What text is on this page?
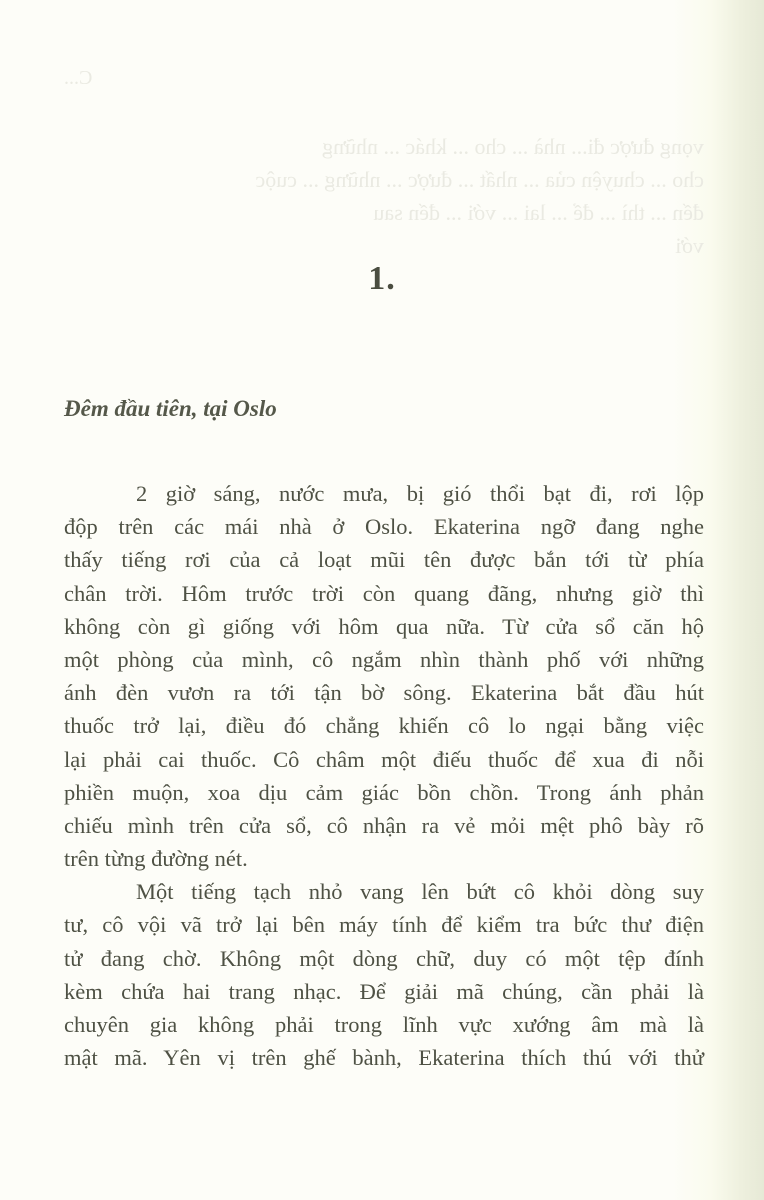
C...
vọng được đi... nhà ... cho ... khác ... những
cho ... chuyện của ... nhất ... được ... những ... cuộc
đến ... thì ... để ... lai ... với ... đến sau
với
1.
Đêm đầu tiên, tại Oslo
2 giờ sáng, nước mưa, bị gió thổi bạt đi, rơi lộp
độp trên các mái nhà ở Oslo. Ekaterina ngỡ đang nghe
thấy tiếng rơi của cả loạt mũi tên được bắn tới từ phía
chân trời. Hôm trước trời còn quang đãng, nhưng giờ thì
không còn gì giống với hôm qua nữa. Từ cửa sổ căn hộ
một phòng của mình, cô ngắm nhìn thành phố với những
ánh đèn vươn ra tới tận bờ sông. Ekaterina bắt đầu hút
thuốc trở lại, điều đó chẳng khiến cô lo ngại bằng việc
lại phải cai thuốc. Cô châm một điếu thuốc để xua đi nỗi
phiền muộn, xoa dịu cảm giác bồn chồn. Trong ánh phản
chiếu mình trên cửa sổ, cô nhận ra vẻ mỏi mệt phô bày rõ
trên từng đường nét.
Một tiếng tạch nhỏ vang lên bứt cô khỏi dòng suy
tư, cô vội vã trở lại bên máy tính để kiểm tra bức thư điện
tử đang chờ. Không một dòng chữ, duy có một tệp đính
kèm chứa hai trang nhạc. Để giải mã chúng, cần phải là
chuyên gia không phải trong lĩnh vực xướng âm mà là
mật mã. Yên vị trên ghế bành, Ekaterina thích thú với thử
